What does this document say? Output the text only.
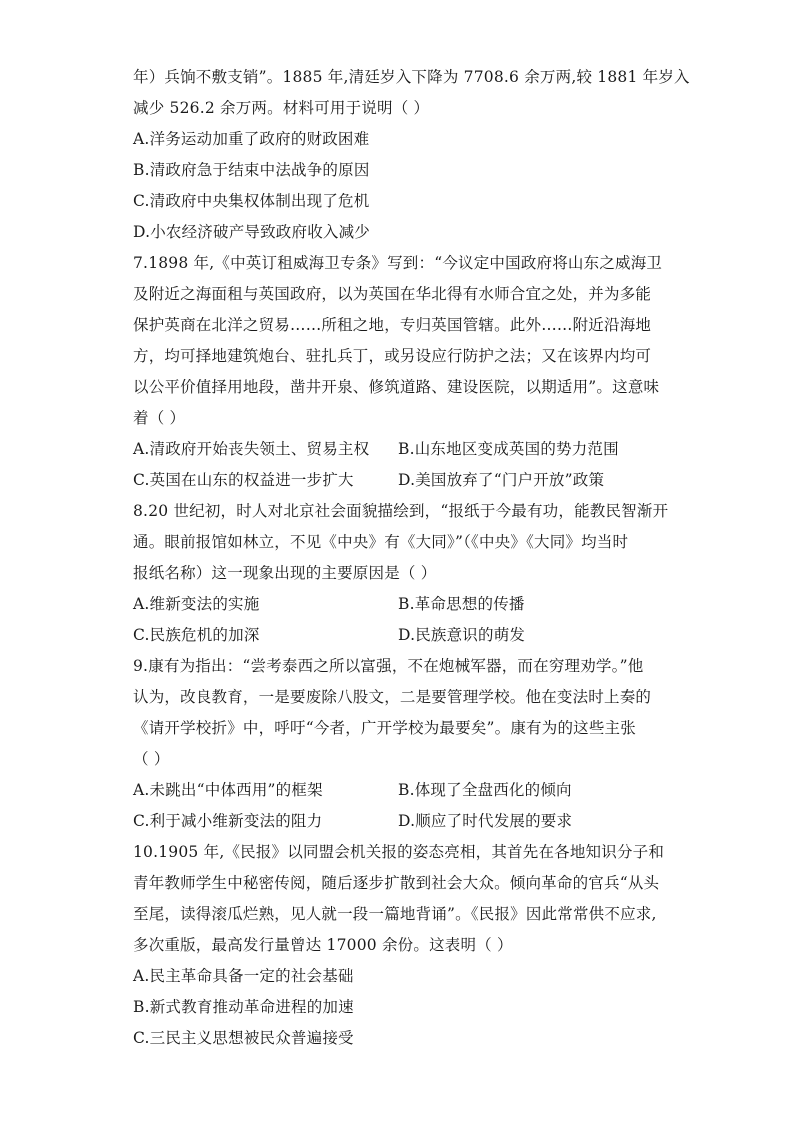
年）兵饷不敷支销”。1885 年,清廷岁入下降为 7708.6 余万两,较 1881 年岁入
减少 526.2 余万两。材料可用于说明（ ）
A.洋务运动加重了政府的财政困难
B.清政府急于结束中法战争的原因
C.清政府中央集权体制出现了危机
D.小农经济破产导致政府收入减少
7.1898 年,《中英订租威海卫专条》写到：“今议定中国政府将山东之威海卫
及附近之海面租与英国政府，以为英国在华北得有水师合宜之处，并为多能
保护英商在北洋之贸易……所租之地，专归英国管辖。此外……附近沿海地
方，均可择地建筑炮台、驻扎兵丁，或另设应行防护之法；又在该界内均可
以公平价值择用地段，凿井开泉、修筑道路、建设医院，以期适用”。这意味
着（ ）
A.清政府开始丧失领土、贸易主权	B.山东地区变成英国的势力范围
C.英国在山东的权益进一步扩大	D.美国放弃了“门户开放”政策
8.20 世纪初，时人对北京社会面貌描绘到，“报纸于今最有功，能教民智渐开
通。眼前报馆如林立，不见《中央》有《大同》”（《中央》《大同》均当时
报纸名称）这一现象出现的主要原因是（ ）
A.维新变法的实施	B.革命思想的传播
C.民族危机的加深	D.民族意识的萌发
9.康有为指出：“尝考泰西之所以富强，不在炮械军器，而在穷理劝学。”他
认为，改良教育，一是要废除八股文，二是要管理学校。他在变法时上奏的
《请开学校折》中，呼吁“今者，广开学校为最要矣”。康有为的这些主张
（ ）
A.未跳出“中体西用”的框架	B.体现了全盘西化的倾向
C.利于减小维新变法的阻力	D.顺应了时代发展的要求
10.1905 年,《民报》以同盟会机关报的姿态亮相，其首先在各地知识分子和
青年教师学生中秘密传阅，随后逐步扩散到社会大众。倾向革命的官兵“从头
至尾，读得滚瓜烂熟，见人就一段一篇地背诵”。《民报》因此常常供不应求,
多次重版，最高发行量曾达 17000 余份。这表明（ ）
A.民主革命具备一定的社会基础
B.新式教育推动革命进程的加速
C.三民主义思想被民众普遍接受
